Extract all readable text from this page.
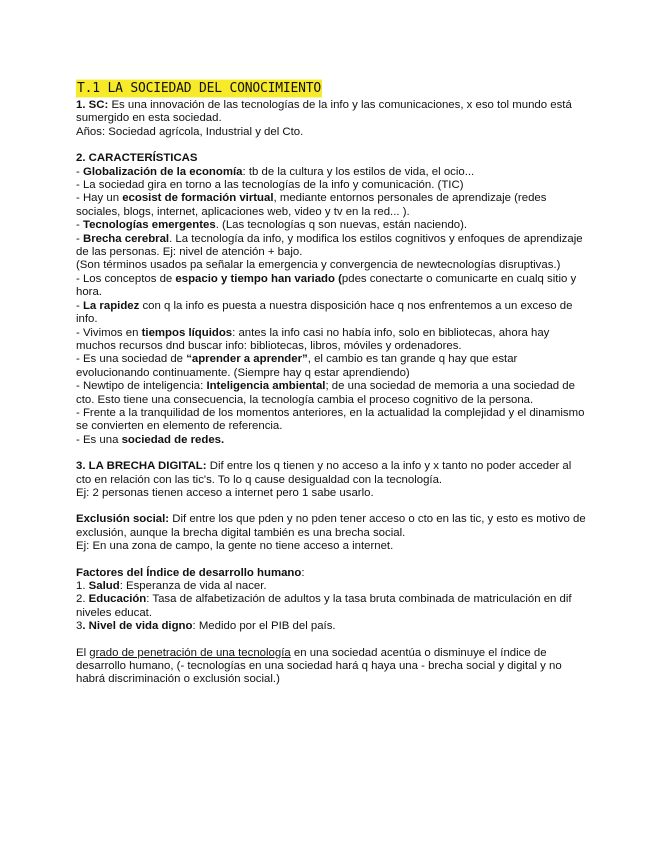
T.1 LA SOCIEDAD DEL CONOCIMIENTO

1. SC: Es una innovación de las tecnologías de la info y las comunicaciones, x eso tol mundo está sumergido en esta sociedad.

Años: Sociedad agrícola, Industrial y del Cto.

2. CARACTERÍSTICAS

- Globalización de la economía: tb de la cultura y los estilos de vida, el ocio...

- La sociedad gira en torno a las tecnologías de la info y comunicación. (TIC)

- Hay un ecosist de formación virtual, mediante entornos personales de aprendizaje (redes sociales, blogs, internet, aplicaciones web, video y tv en la red... ).

- Tecnologías emergentes. (Las tecnologías q son nuevas, están naciendo).

- Brecha cerebral. La tecnología da info, y modifica los estilos cognitivos y enfoques de aprendizaje de las personas. Ej: nivel de atención + bajo.

(Son términos usados pa señalar la emergencia y convergencia de newtecnologías disruptivas.)

- Los conceptos de espacio y tiempo han variado (pdes conectarte o comunicarte en cualq sitio y hora.

- La rapidez con q la info es puesta a nuestra disposición hace q nos enfrentemos a un exceso de info.

- Vivimos en tiempos líquidos: antes la info casi no había info, solo en bibliotecas, ahora hay muchos recursos dnd buscar info: bibliotecas, libros, móviles y ordenadores.

- Es una sociedad de “aprender a aprender”, el cambio es tan grande q hay que estar evolucionando continuamente. (Siempre hay q estar aprendiendo)

- Newtipo de inteligencia: Inteligencia ambiental; de una sociedad de memoria a una sociedad de cto. Esto tiene una consecuencia, la tecnología cambia el proceso cognitivo de la persona.

- Frente a la tranquilidad de los momentos anteriores, en la actualidad la complejidad y el dinamismo se convierten en elemento de referencia.

- Es una sociedad de redes.

3. LA BRECHA DIGITAL: Dif entre los q tienen y no acceso a la info y x tanto no poder acceder al cto en relación con las tic's. To lo q cause desigualdad con la tecnología.

Ej: 2 personas tienen acceso a internet pero 1 sabe usarlo.

Exclusión social: Dif entre los que pden y no pden tener acceso o cto en las tic, y esto es motivo de exclusión, aunque la brecha digital también es una brecha social.

Ej: En una zona de campo, la gente no tiene acceso a internet.

Factores del Índice de desarrollo humano:

1. Salud: Esperanza de vida al nacer.

2. Educación: Tasa de alfabetización de adultos y la tasa bruta combinada de matriculación en dif niveles educat.

3. Nivel de vida digno: Medido por el PIB del país.

El grado de penetración de una tecnología en una sociedad acentúa o disminuye el índice de desarrollo humano, (- tecnologías en una sociedad hará q haya una - brecha social y digital y no habrá discriminación o exclusión social.)
